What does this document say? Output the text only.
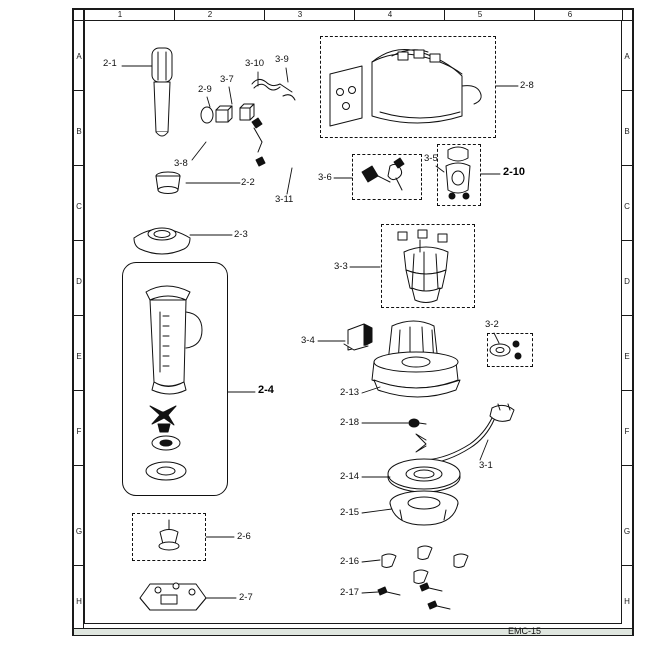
1	2	3	4	5	6
A
B
C
D
E
F
G
H
A
B
C
D
E
F
G
H
2-1
2-9
3-7
3-10 3-9
3-8
3-11
2-2
2-3
2-4
2-6
2-7
2-8
3-6
3-5
2-10
3-3
3-4
3-2
2-13
2-18
3-1
2-14
2-15
2-16
2-17
EMC-15
